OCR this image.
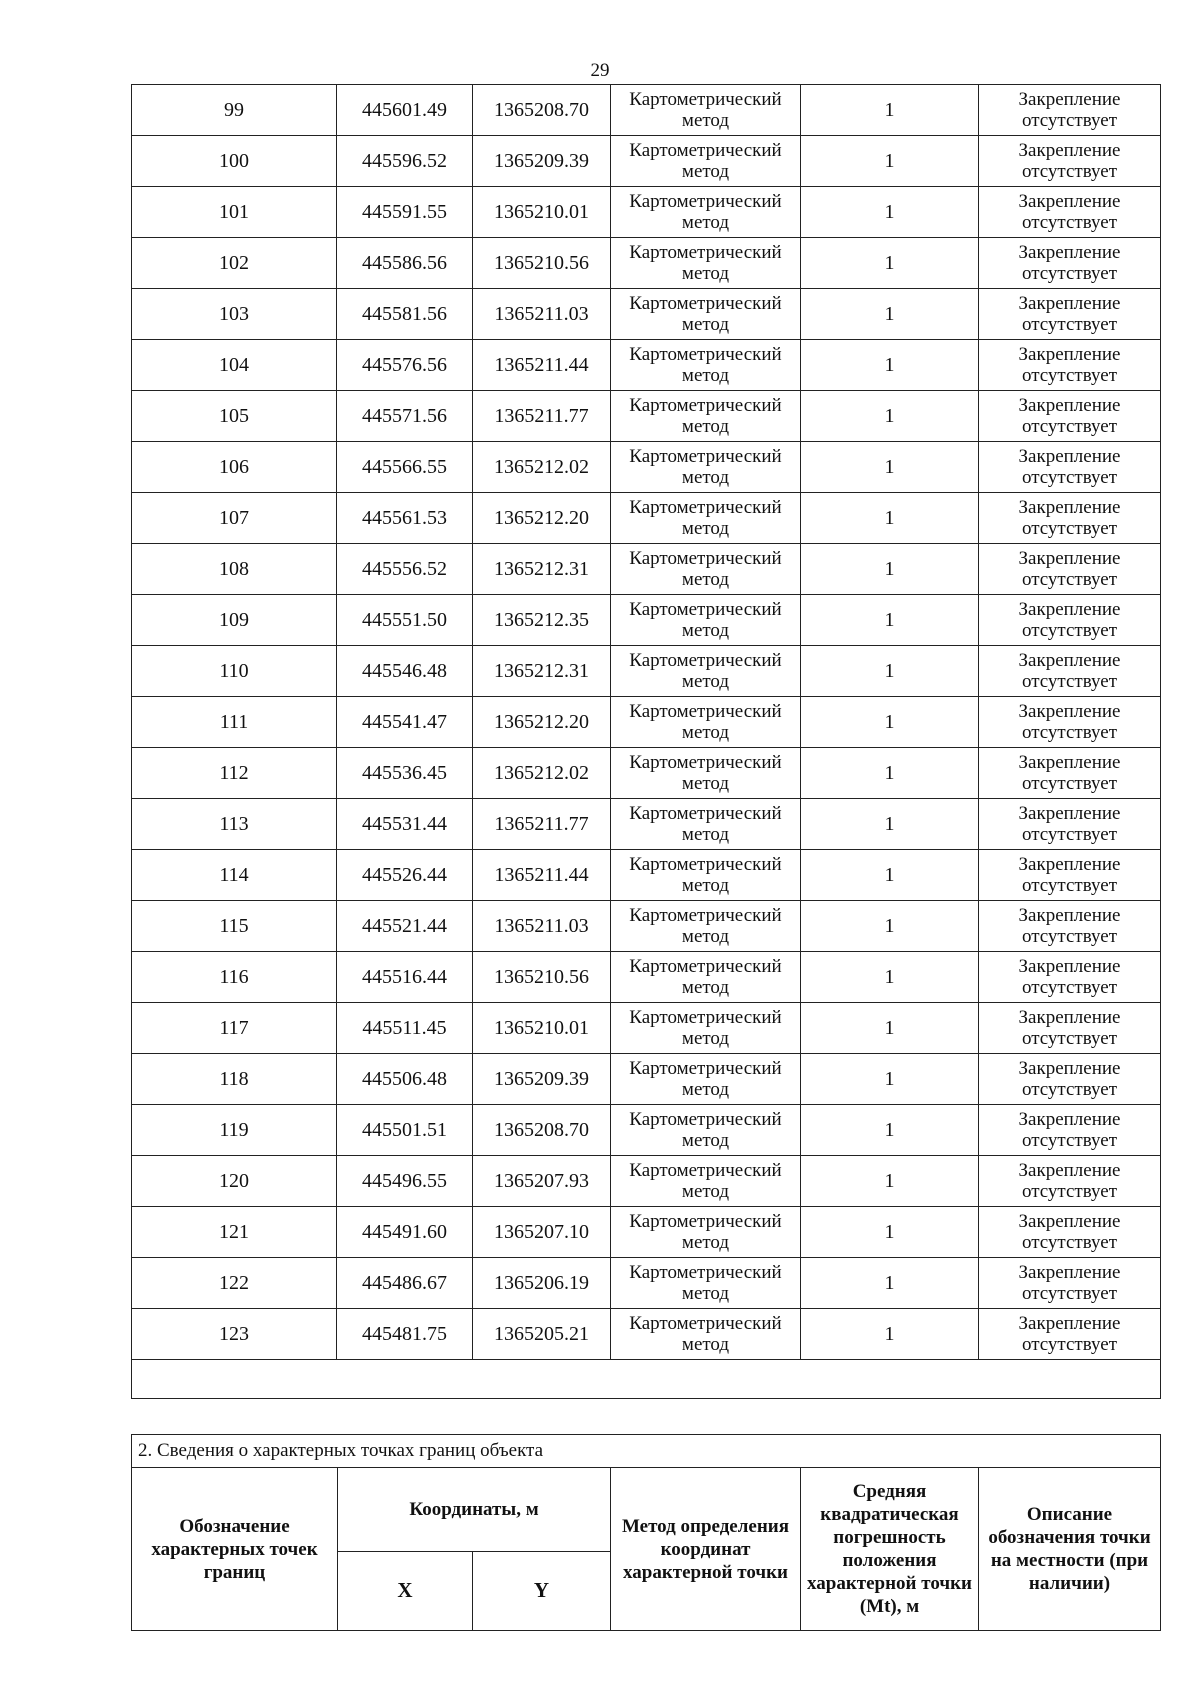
29
99	445601.49	1365208.70	Картометрический метод	1	Закрепление отсутствует
100	445596.52	1365209.39	Картометрический метод	1	Закрепление отсутствует
101	445591.55	1365210.01	Картометрический метод	1	Закрепление отсутствует
102	445586.56	1365210.56	Картометрический метод	1	Закрепление отсутствует
103	445581.56	1365211.03	Картометрический метод	1	Закрепление отсутствует
104	445576.56	1365211.44	Картометрический метод	1	Закрепление отсутствует
105	445571.56	1365211.77	Картометрический метод	1	Закрепление отсутствует
106	445566.55	1365212.02	Картометрический метод	1	Закрепление отсутствует
107	445561.53	1365212.20	Картометрический метод	1	Закрепление отсутствует
108	445556.52	1365212.31	Картометрический метод	1	Закрепление отсутствует
109	445551.50	1365212.35	Картометрический метод	1	Закрепление отсутствует
110	445546.48	1365212.31	Картометрический метод	1	Закрепление отсутствует
111	445541.47	1365212.20	Картометрический метод	1	Закрепление отсутствует
112	445536.45	1365212.02	Картометрический метод	1	Закрепление отсутствует
113	445531.44	1365211.77	Картометрический метод	1	Закрепление отсутствует
114	445526.44	1365211.44	Картометрический метод	1	Закрепление отсутствует
115	445521.44	1365211.03	Картометрический метод	1	Закрепление отсутствует
116	445516.44	1365210.56	Картометрический метод	1	Закрепление отсутствует
117	445511.45	1365210.01	Картометрический метод	1	Закрепление отсутствует
118	445506.48	1365209.39	Картометрический метод	1	Закрепление отсутствует
119	445501.51	1365208.70	Картометрический метод	1	Закрепление отсутствует
120	445496.55	1365207.93	Картометрический метод	1	Закрепление отсутствует
121	445491.60	1365207.10	Картометрический метод	1	Закрепление отсутствует
122	445486.67	1365206.19	Картометрический метод	1	Закрепление отсутствует
123	445481.75	1365205.21	Картометрический метод	1	Закрепление отсутствует

2. Сведения о характерных точках границ объекта					
Обозначение характерных точек границ	Координаты, м		Метод определения координат характерной точки	Средняя квадратическая погрешность положения характерной точки (Mt), м	Описание обозначения точки на местности (при наличии)
	X	Y			
